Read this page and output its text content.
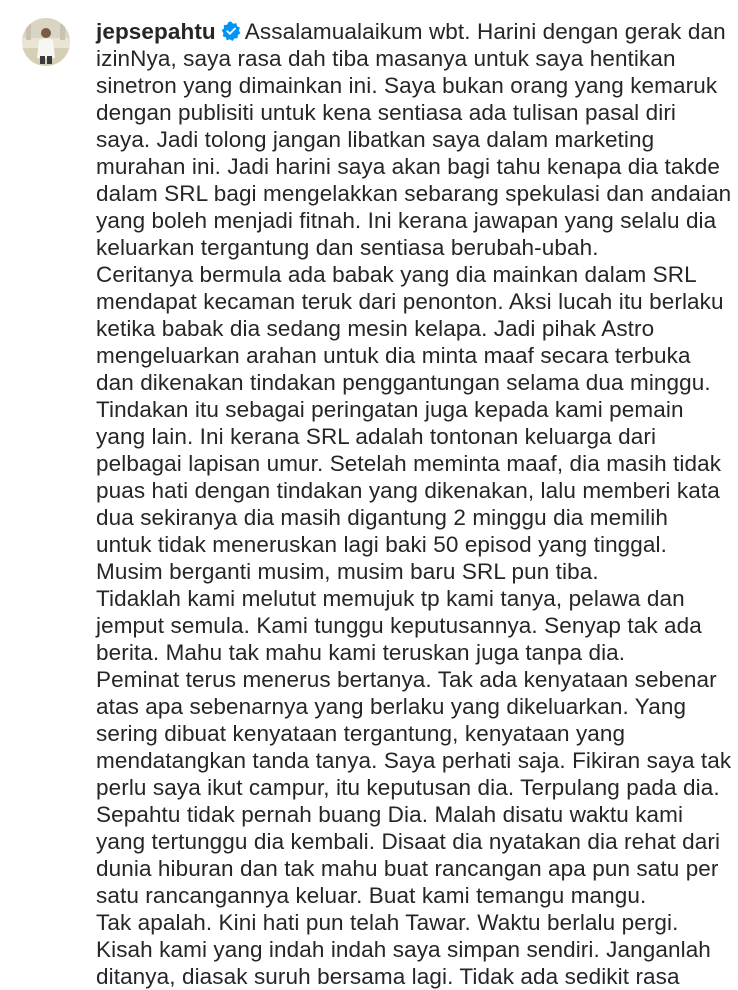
jepsepahtu Assalamualaikum wbt. Harini dengan gerak dan

izinNya, saya rasa dah tiba masanya untuk saya hentikan

sinetron yang dimainkan ini. Saya bukan orang yang kemaruk

dengan publisiti untuk kena sentiasa ada tulisan pasal diri

saya. Jadi tolong jangan libatkan saya dalam marketing

murahan ini. Jadi harini saya akan bagi tahu kenapa dia takde

dalam SRL bagi mengelakkan sebarang spekulasi dan andaian

yang boleh menjadi fitnah. Ini kerana jawapan yang selalu dia

keluarkan tergantung dan sentiasa berubah-ubah.

Ceritanya bermula ada babak yang dia mainkan dalam SRL

mendapat kecaman teruk dari penonton. Aksi lucah itu berlaku

ketika babak dia sedang mesin kelapa. Jadi pihak Astro

mengeluarkan arahan untuk dia minta maaf secara terbuka

dan dikenakan tindakan penggantungan selama dua minggu.

Tindakan itu sebagai peringatan juga kepada kami pemain

yang lain. Ini kerana SRL adalah tontonan keluarga dari

pelbagai lapisan umur. Setelah meminta maaf, dia masih tidak

puas hati dengan tindakan yang dikenakan, lalu memberi kata

dua sekiranya dia masih digantung 2 minggu dia memilih

untuk tidak meneruskan lagi baki 50 episod yang tinggal.

Musim berganti musim, musim baru SRL pun tiba.

Tidaklah kami melutut memujuk tp kami tanya, pelawa dan

jemput semula. Kami tunggu keputusannya. Senyap tak ada

berita. Mahu tak mahu kami teruskan juga tanpa dia.

Peminat terus menerus bertanya. Tak ada kenyataan sebenar

atas apa sebenarnya yang berlaku yang dikeluarkan. Yang

sering dibuat kenyataan tergantung, kenyataan yang

mendatangkan tanda tanya. Saya perhati saja. Fikiran saya tak

perlu saya ikut campur, itu keputusan dia. Terpulang pada dia.

Sepahtu tidak pernah buang Dia. Malah disatu waktu kami

yang tertunggu dia kembali. Disaat dia nyatakan dia rehat dari

dunia hiburan dan tak mahu buat rancangan apa pun satu per

satu rancangannya keluar. Buat kami temangu mangu.

Tak apalah. Kini hati pun telah Tawar. Waktu berlalu pergi.

Kisah kami yang indah indah saya simpan sendiri. Janganlah

ditanya, diasak suruh bersama lagi. Tidak ada sedikit rasa
